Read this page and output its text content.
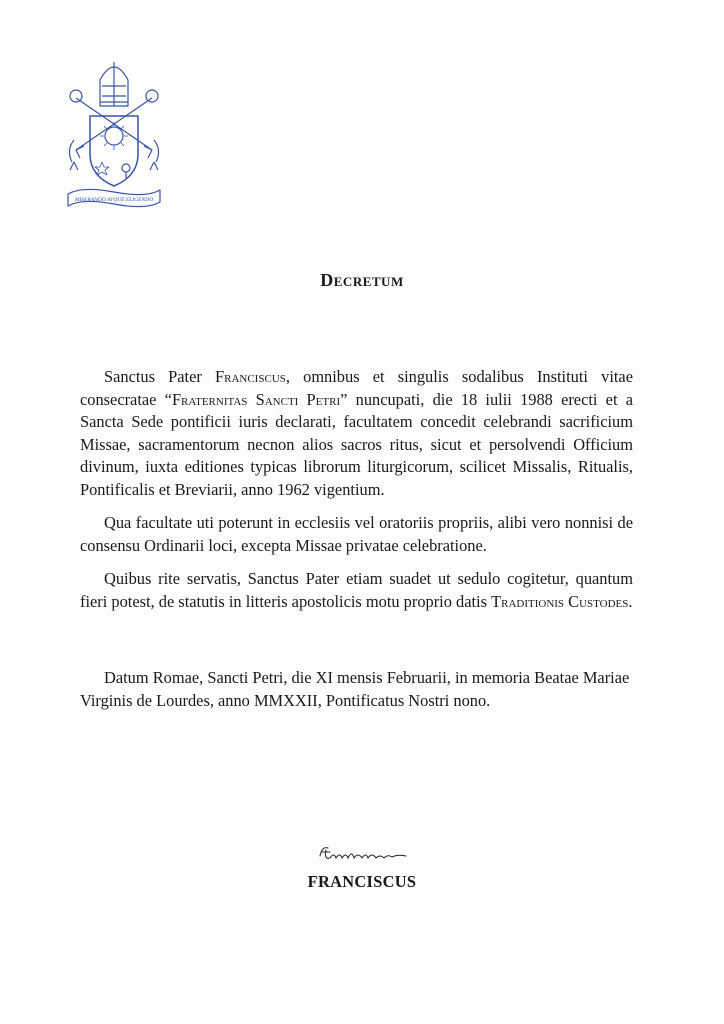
MISERANDO ATQUE ELIGENDO
Decretum

Sanctus Pater Franciscus, omnibus et singulis sodalibus Instituti vitae consecratae “Fraternitas Sancti Petri” nuncupati, die 18 iulii 1988 erecti et a Sancta Sede pontificii iuris declarati, facultatem concedit celebrandi sacrificium Missae, sacramentorum necnon alios sacros ritus, sicut et persolvendi Officium divinum, iuxta editiones typicas librorum liturgicorum, scilicet Missalis, Ritualis, Pontificalis et Breviarii, anno 1962 vigentium.

Qua facultate uti poterunt in ecclesiis vel oratoriis propriis, alibi vero nonnisi de consensu Ordinarii loci, excepta Missae privatae celebratione.

Quibus rite servatis, Sanctus Pater etiam suadet ut sedulo cogitetur, quantum fieri potest, de statutis in litteris apostolicis motu proprio datis Traditionis Custodes.

Datum Romae, Sancti Petri, die XI mensis Februarii, in memoria Beatae Mariae Virginis de Lourdes, anno MMXXII, Pontificatus Nostri nono.

FRANCISCUS
